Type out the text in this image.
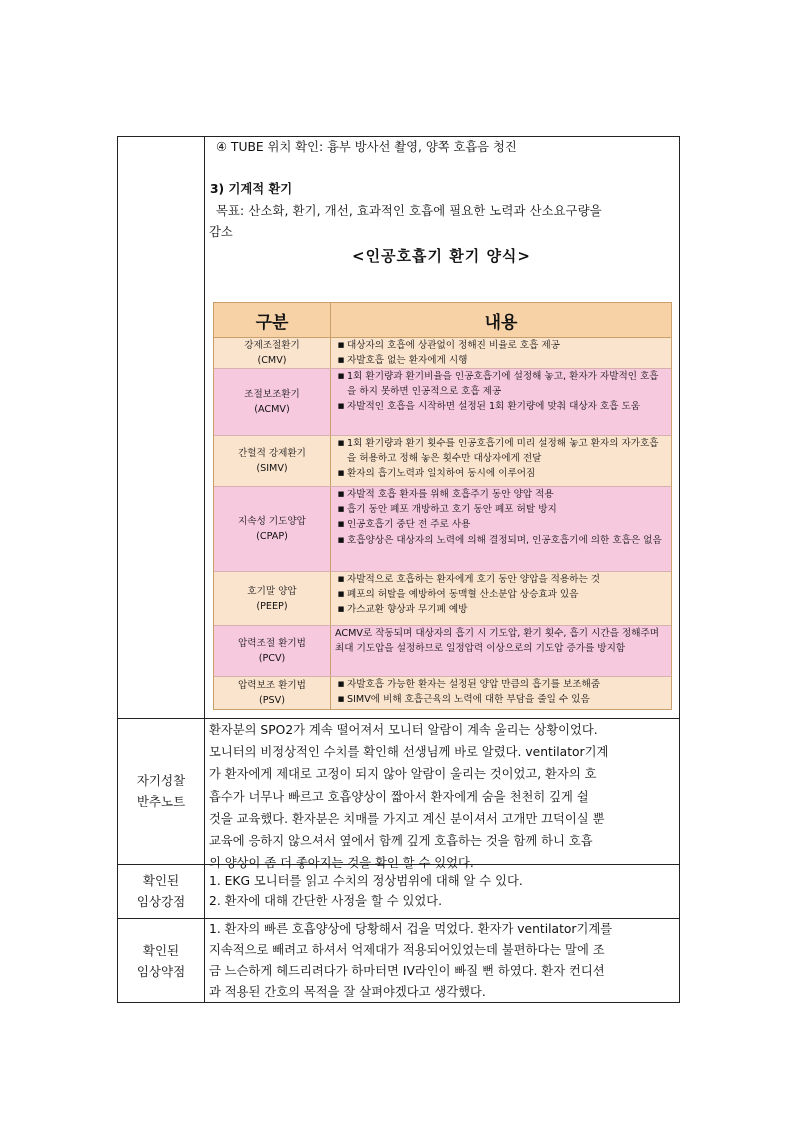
④ TUBE 위치 확인: 흉부 방사선 촬영, 양쪽 호흡음 청진
3) 기계적 환기
목표: 산소화, 환기, 개선, 효과적인 호흡에 필요한 노력과 산소요구량을
감소
<인공호흡기 환기 양식>
구분	내용
강제조절환기
(CMV)
■ 대상자의 호흡에 상관없이 정해진 비율로 호흡 제공
■ 자발호흡 없는 환자에게 시행
조절보조환기
(ACMV)
■ 1회 환기량과 환기비율을 인공호흡기에 설정해 놓고, 환자가 자발적인 호흡을 하지 못하면 인공적으로 호흡 제공
■ 자발적인 호흡을 시작하면 설정된 1회 환기량에 맞춰 대상자 호흡 도움
간헐적 강제환기
(SIMV)
■ 1회 환기량과 환기 횟수를 인공호흡기에 미리 설정해 놓고 환자의 자가호흡을 허용하고 정해 놓은 횟수만 대상자에게 전달
■ 환자의 흡기노력과 일치하여 동시에 이루어짐
지속성 기도양압
(CPAP)
■ 자발적 호흡 환자를 위해 호흡주기 동안 양압 적용
■ 흡기 동안 폐포 개방하고 호기 동안 폐포 허탈 방지
■ 인공호흡기 중단 전 주로 사용
■ 호흡양상은 대상자의 노력에 의해 결정되며, 인공호흡기에 의한 호흡은 없음
호기말 양압
(PEEP)
■ 자발적으로 호흡하는 환자에게 호기 동안 양압을 적용하는 것
■ 폐포의 허탈을 예방하여 동맥혈 산소분압 상승효과 있음
■ 가스교환 향상과 무기폐 예방
압력조절 환기법
(PCV)
ACMV로 작동되며 대상자의 흡기 시 기도압, 환기 횟수, 흡기 시간을 정해주며 최대 기도압을 설정하므로 일정압력 이상으로의 기도압 증가를 방지함
압력보조 환기법
(PSV)
■ 자발호흡 가능한 환자는 설정된 양압 만큼의 흡기를 보조해줌
■ SIMV에 비해 호흡근육의 노력에 대한 부담을 줄일 수 있음
자기성찰
반추노트
환자분의 SPO2가 계속 떨어져서 모니터 알람이 계속 울리는 상황이었다.
모니터의 비정상적인 수치를 확인해 선생님께 바로 알렸다. ventilator기계
가 환자에게 제대로 고정이 되지 않아 알람이 울리는 것이었고, 환자의 호
흡수가 너무나 빠르고 호흡양상이 짧아서 환자에게 숨을 천천히 깊게 쉴
것을 교육했다. 환자분은 치매를 가지고 계신 분이셔서 고개만 끄덕이실 뿐
교육에 응하지 않으셔서 옆에서 함께 깊게 호흡하는 것을 함께 하니 호흡
의 양상이 좀 더 좋아지는 것을 확인 할 수 있었다.
확인된
임상강점
1. EKG 모니터를 읽고 수치의 정상범위에 대해 알 수 있다.
2. 환자에 대해 간단한 사정을 할 수 있었다.
확인된
임상약점
1. 환자의 빠른 호흡양상에 당황해서 겁을 먹었다. 환자가 ventilator기계를
지속적으로 빼려고 하셔서 억제대가 적용되어있었는데 불편하다는 말에 조
금 느슨하게 헤드리려다가 하마터면 IV라인이 빠질 뻔 하였다. 환자 컨디션
과 적용된 간호의 목적을 잘 살펴야겠다고 생각했다.
